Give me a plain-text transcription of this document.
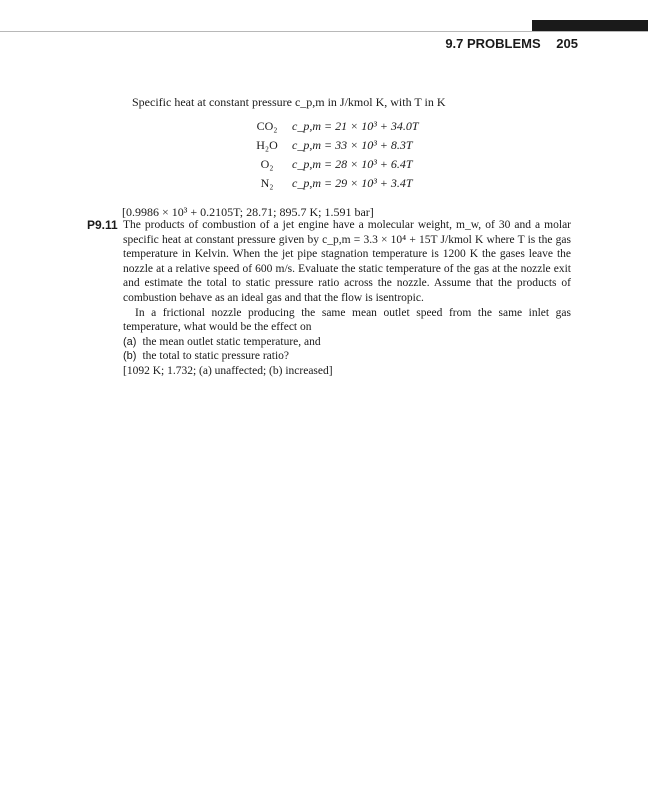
9.7 PROBLEMS 205
Specific heat at constant pressure c_p,m in J/kmol K, with T in K
CO₂	c_p,m = 21 × 10³ + 34.0T
H₂O	c_p,m = 33 × 10³ + 8.3T
O₂	c_p,m = 28 × 10³ + 6.4T
N₂	c_p,m = 29 × 10³ + 3.4T
[0.9986 × 10³ + 0.2105T; 28.71; 895.7 K; 1.591 bar]
P9.11 The products of combustion of a jet engine have a molecular weight, m_w, of 30 and a molar specific heat at constant pressure given by c_p,m = 3.3 × 10⁴ + 15T J/kmol K where T is the gas temperature in Kelvin. When the jet pipe stagnation temperature is 1200 K the gases leave the nozzle at a relative speed of 600 m/s. Evaluate the static temperature of the gas at the nozzle exit and estimate the total to static pressure ratio across the nozzle. Assume that the products of combustion behave as an ideal gas and that the flow is isentropic.

In a frictional nozzle producing the same mean outlet speed from the same inlet gas temperature, what would be the effect on

(a) the mean outlet static temperature, and
(b) the total to static pressure ratio?

[1092 K; 1.732; (a) unaffected; (b) increased]
